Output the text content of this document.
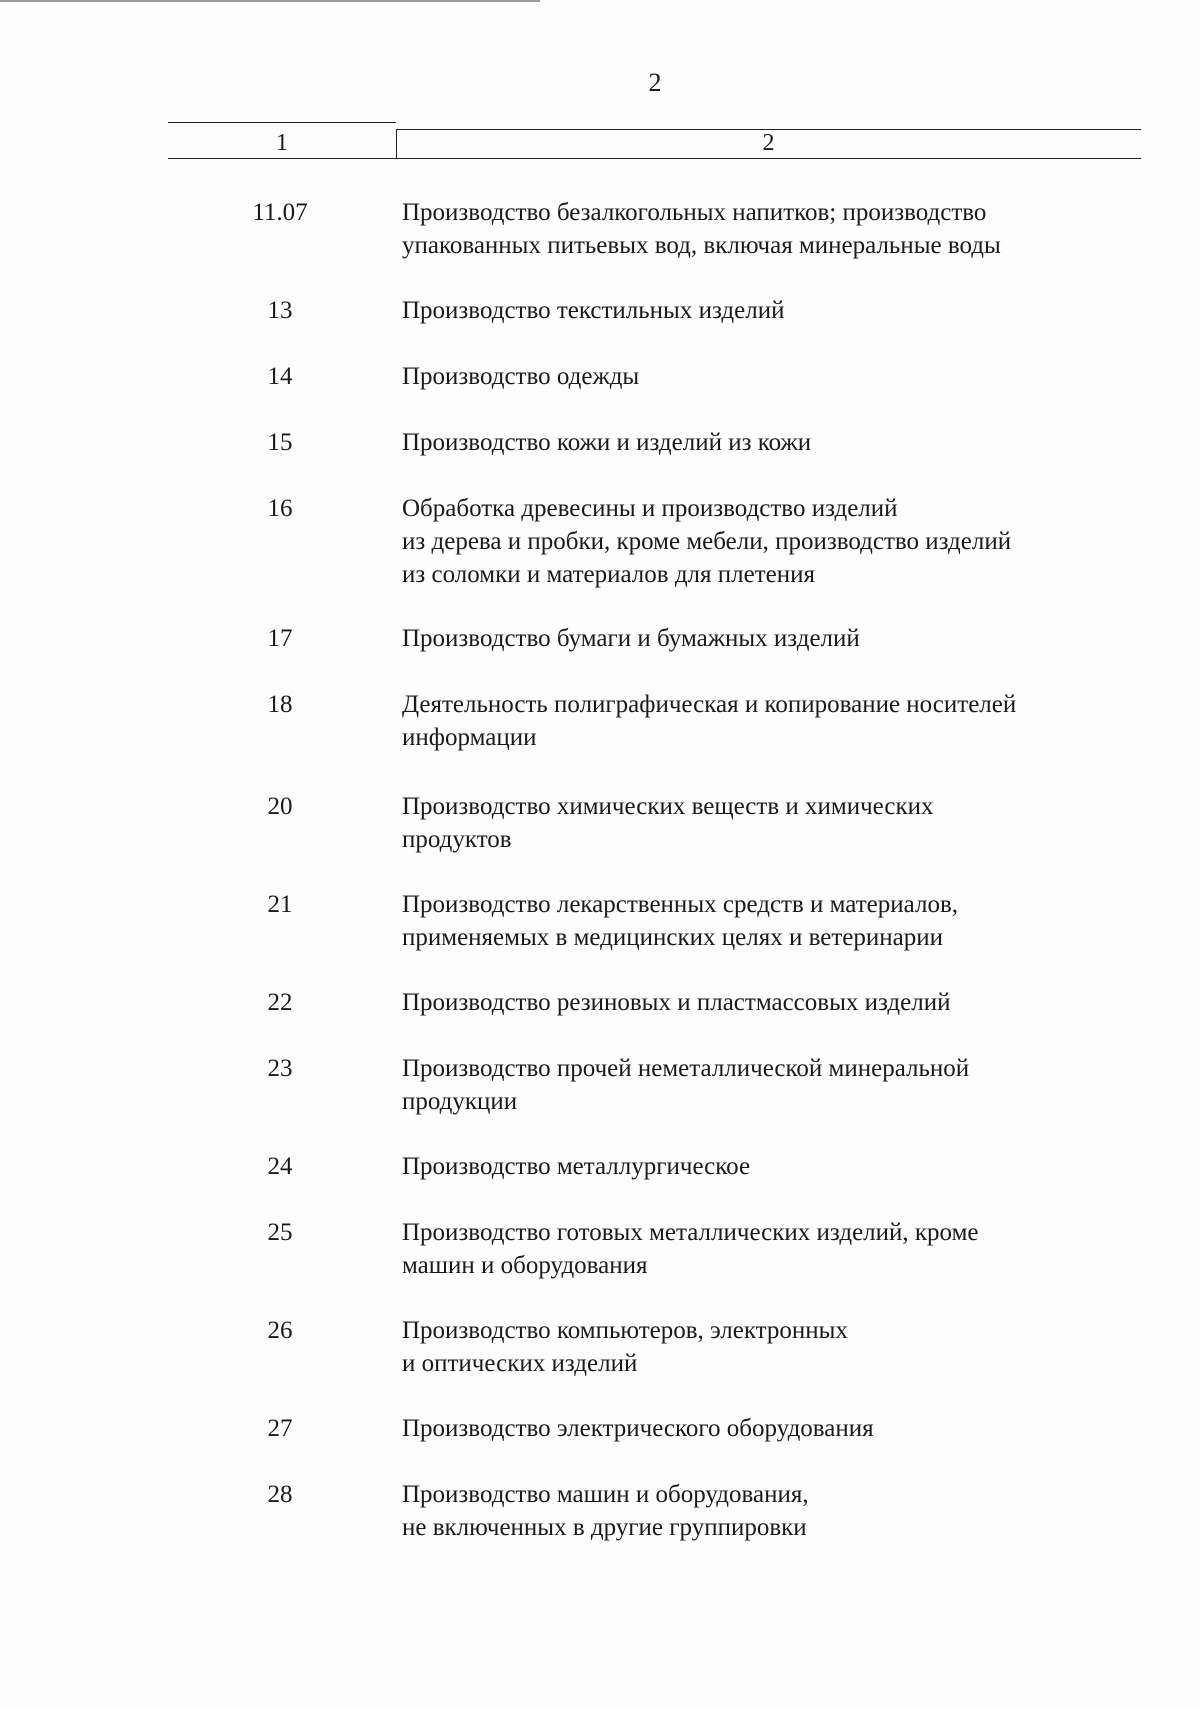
2
1	2
11.07	Производство безалкогольных напитков; производство
упакованных питьевых вод, включая минеральные воды
13	Производство текстильных изделий
14	Производство одежды
15	Производство кожи и изделий из кожи
16	Обработка древесины и производство изделий
из дерева и пробки, кроме мебели, производство изделий
из соломки и материалов для плетения
17	Производство бумаги и бумажных изделий
18	Деятельность полиграфическая и копирование носителей
информации
20	Производство химических веществ и химических
продуктов
21	Производство лекарственных средств и материалов,
применяемых в медицинских целях и ветеринарии
22	Производство резиновых и пластмассовых изделий
23	Производство прочей неметаллической минеральной
продукции
24	Производство металлургическое
25	Производство готовых металлических изделий, кроме
машин и оборудования
26	Производство компьютеров, электронных
и оптических изделий
27	Производство электрического оборудования
28	Производство машин и оборудования,
не включенных в другие группировки
